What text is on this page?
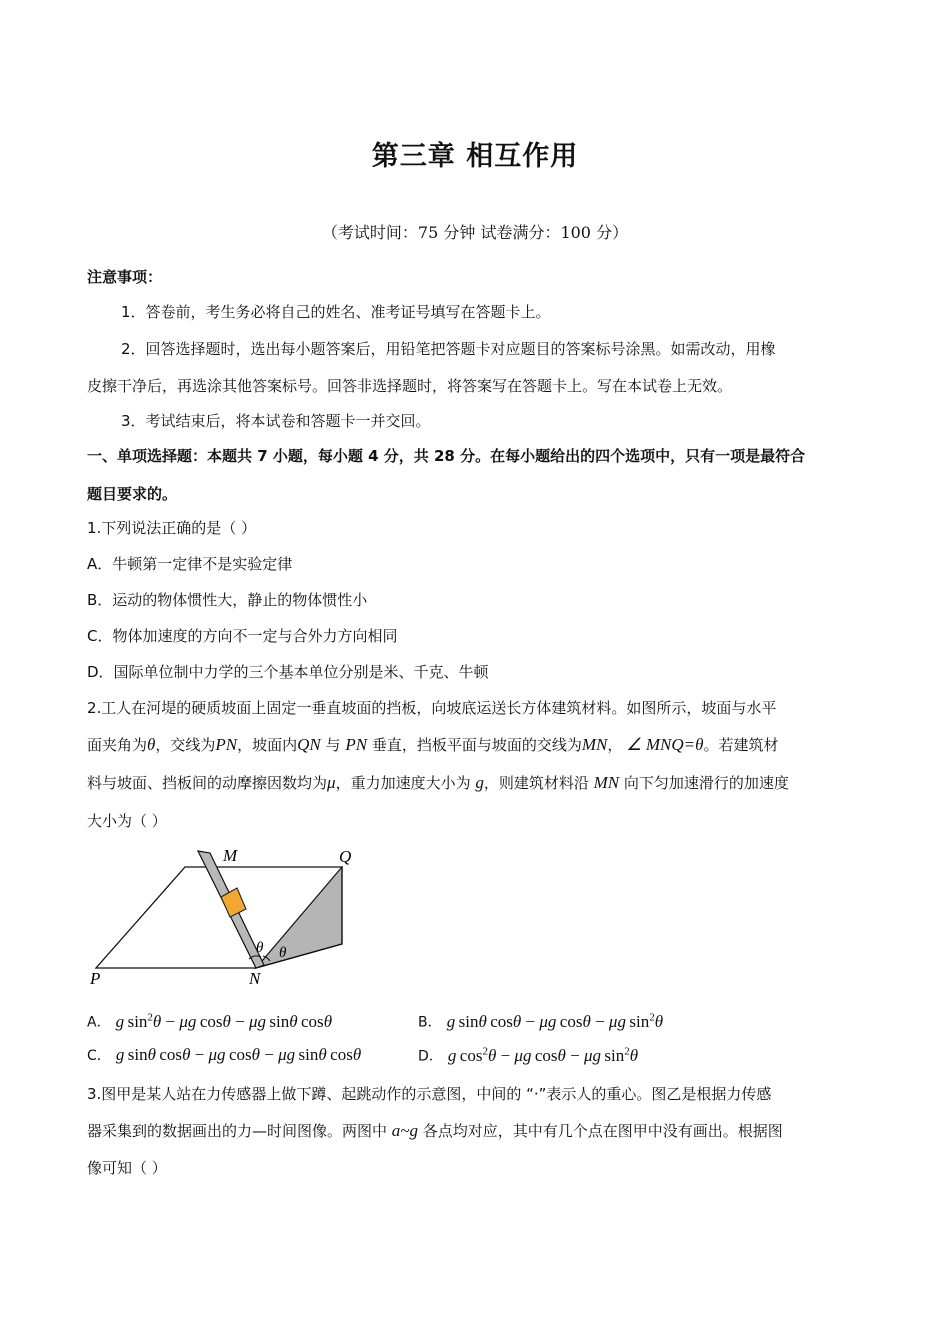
第三章 相互作用
（考试时间：75 分钟 试卷满分：100 分）
注意事项：
1．答卷前，考生务必将自己的姓名、准考证号填写在答题卡上。
2．回答选择题时，选出每小题答案后，用铅笔把答题卡对应题目的答案标号涂黑。如需改动，用橡
皮擦干净后，再选涂其他答案标号。回答非选择题时，将答案写在答题卡上。写在本试卷上无效。
3．考试结束后，将本试卷和答题卡一并交回。
一、单项选择题：本题共 7 小题，每小题 4 分，共 28 分。在每小题给出的四个选项中，只有一项是最符合
题目要求的。
1.下列说法正确的是（ ）
A．牛顿第一定律不是实验定律
B．运动的物体惯性大，静止的物体惯性小
C．物体加速度的方向不一定与合外力方向相同
D．国际单位制中力学的三个基本单位分别是米、千克、牛顿
2.工人在河堤的硬质坡面上固定一垂直坡面的挡板，向坡底运送长方体建筑材料。如图所示，坡面与水平
面夹角为θ，交线为PN，坡面内QN 与 PN 垂直，挡板平面与坡面的交线为MN， ∠ MNQ=θ。若建筑材
料与坡面、挡板间的动摩擦因数均为μ，重力加速度大小为 g，则建筑材料沿 MN 向下匀加速滑行的加速度
大小为（ ）
M	Q
P	N
θ θ
A． g $\sin^2\theta - \mu g$ cosθ − μg sinθ cosθ	B． g sinθ cosθ − μg cosθ − μg $\sin^2\theta$
C． g sinθ cosθ − μg cosθ − μg sinθ cosθ	D． g $\cos^2\theta - \mu g$ cosθ − μg $\sin^2\theta$
3.图甲是某人站在力传感器上做下蹲、起跳动作的示意图，中间的 “·”表示人的重心。图乙是根据力传感
器采集到的数据画出的力—时间图像。两图中 a~g 各点均对应，其中有几个点在图甲中没有画出。根据图
像可知（ ）
